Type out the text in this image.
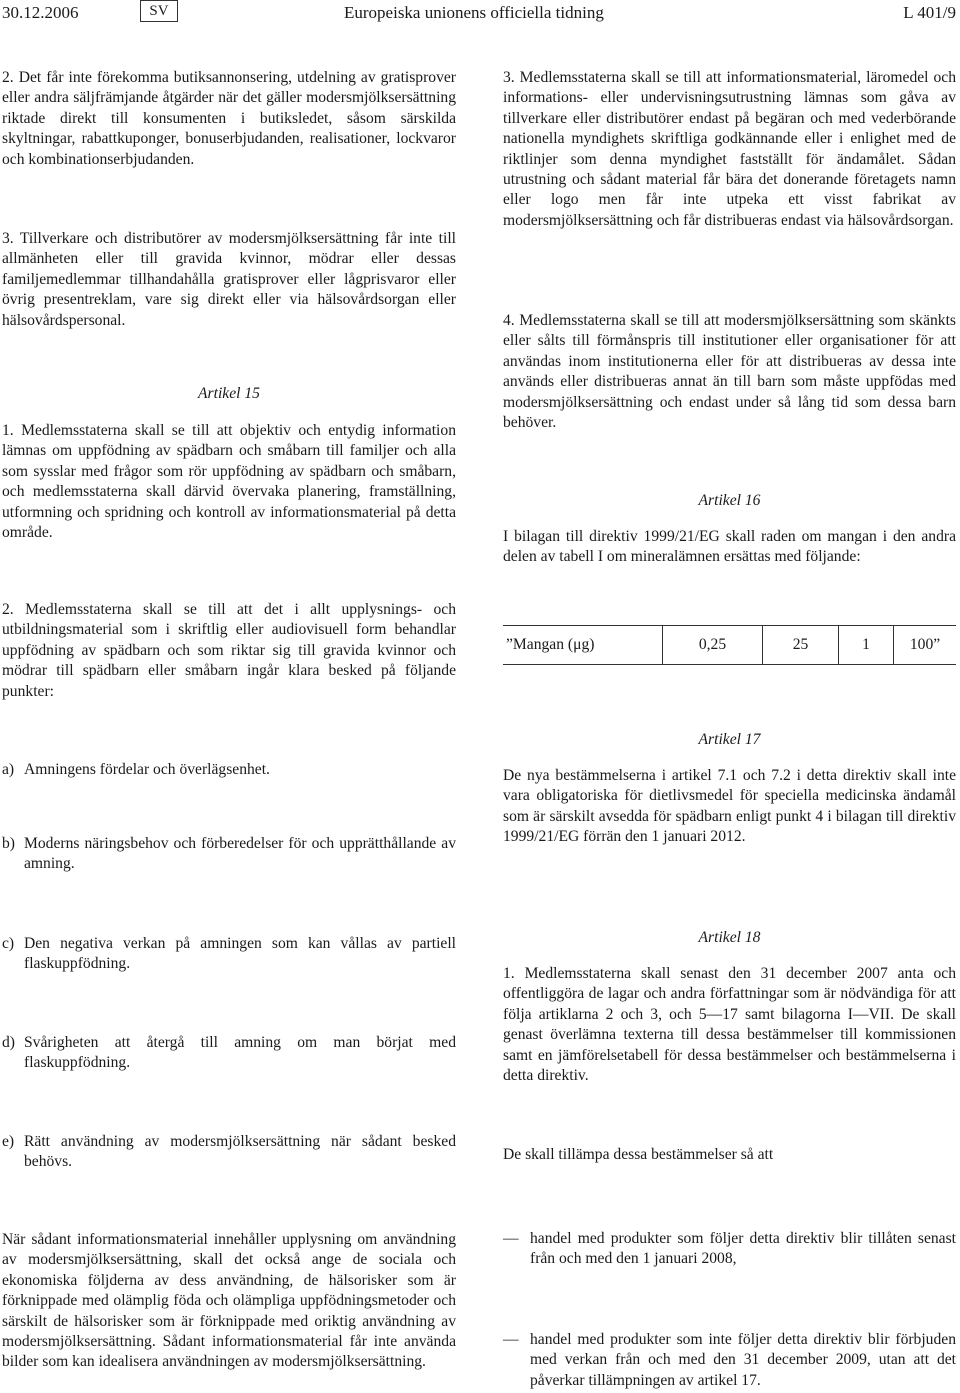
30.12.2006	SV	Europeiska unionens officiella tidning	L 401/9

2. Det får inte förekomma butiksannonsering, utdelning av gratisprover eller andra säljfrämjande åtgärder när det gäller modersmjölksersättning riktade direkt till konsumenten i butiksledet, såsom särskilda skyltningar, rabattkuponger, bonuserbjudanden, realisationer, lockvaror och kombinationserbjudanden.

3. Tillverkare och distributörer av modersmjölksersättning får inte till allmänheten eller till gravida kvinnor, mödrar eller dessas familjemedlemmar tillhandahålla gratisprover eller lågprisvaror eller övrig presentreklam, vare sig direkt eller via hälsovårdsorgan eller hälsovårdspersonal.

Artikel 15

1. Medlemsstaterna skall se till att objektiv och entydig information lämnas om uppfödning av spädbarn och småbarn till familjer och alla som sysslar med frågor som rör uppfödning av spädbarn och småbarn, och medlemsstaterna skall därvid övervaka planering, framställning, utformning och spridning och kontroll av informationsmaterial på detta område.

2. Medlemsstaterna skall se till att det i allt upplysnings- och utbildningsmaterial som i skriftlig eller audiovisuell form behandlar uppfödning av spädbarn och som riktar sig till gravida kvinnor och mödrar till spädbarn eller småbarn ingår klara besked på följande punkter:

a) Amningens fördelar och överlägsenhet.
b) Moderns näringsbehov och förberedelser för och upprätthållande av amning.
c) Den negativa verkan på amningen som kan vållas av partiell flaskuppfödning.
d) Svårigheten att återgå till amning om man börjat med flaskuppfödning.
e) Rätt användning av modersmjölksersättning när sådant besked behövs.

När sådant informationsmaterial innehåller upplysning om användning av modersmjölksersättning, skall det också ange de sociala och ekonomiska följderna av dess användning, de hälsorisker som är förknippade med olämplig föda och olämpliga uppfödningsmetoder och särskilt de hälsorisker som är förknippade med oriktig användning av modersmjölksersättning. Sådant informationsmaterial får inte använda bilder som kan idealisera användningen av modersmjölksersättning.

3. Medlemsstaterna skall se till att informationsmaterial, läromedel och informations- eller undervisningsutrustning lämnas som gåva av tillverkare eller distributörer endast på begäran och med vederbörande nationella myndighets skriftliga godkännande eller i enlighet med de riktlinjer som denna myndighet fastställt för ändamålet. Sådan utrustning och sådant material får bära det donerande företagets namn eller logo men får inte utpeka ett visst fabrikat av modersmjölksersättning och får distribueras endast via hälsovårdsorgan.

4. Medlemsstaterna skall se till att modersmjölksersättning som skänkts eller sålts till förmånspris till institutioner eller organisationer för att användas inom institutionerna eller för att distribueras av dessa inte används eller distribueras annat än till barn som måste uppfödas med modersmjölksersättning och endast under så lång tid som dessa barn behöver.

Artikel 16

I bilagan till direktiv 1999/21/EG skall raden om mangan i den andra delen av tabell I om mineralämnen ersättas med följande:

”Mangan (μg)	0,25	25	1	100”
Artikel 17

De nya bestämmelserna i artikel 7.1 och 7.2 i detta direktiv skall inte vara obligatoriska för dietlivsmedel för speciella medicinska ändamål som är särskilt avsedda för spädbarn enligt punkt 4 i bilagan till direktiv 1999/21/EG förrän den 1 januari 2012.

Artikel 18

1. Medlemsstaterna skall senast den 31 december 2007 anta och offentliggöra de lagar och andra författningar som är nödvändiga för att följa artiklarna 2 och 3, och 5—17 samt bilagorna I—VII. De skall genast överlämna texterna till dessa bestämmelser till kommissionen samt en jämförelsetabell för dessa bestämmelser och bestämmelserna i detta direktiv.

De skall tillämpa dessa bestämmelser så att

— handel med produkter som följer detta direktiv blir tillåten senast från och med den 1 januari 2008,
— handel med produkter som inte följer detta direktiv blir förbjuden med verkan från och med den 31 december 2009, utan att det påverkar tillämpningen av artikel 17.
